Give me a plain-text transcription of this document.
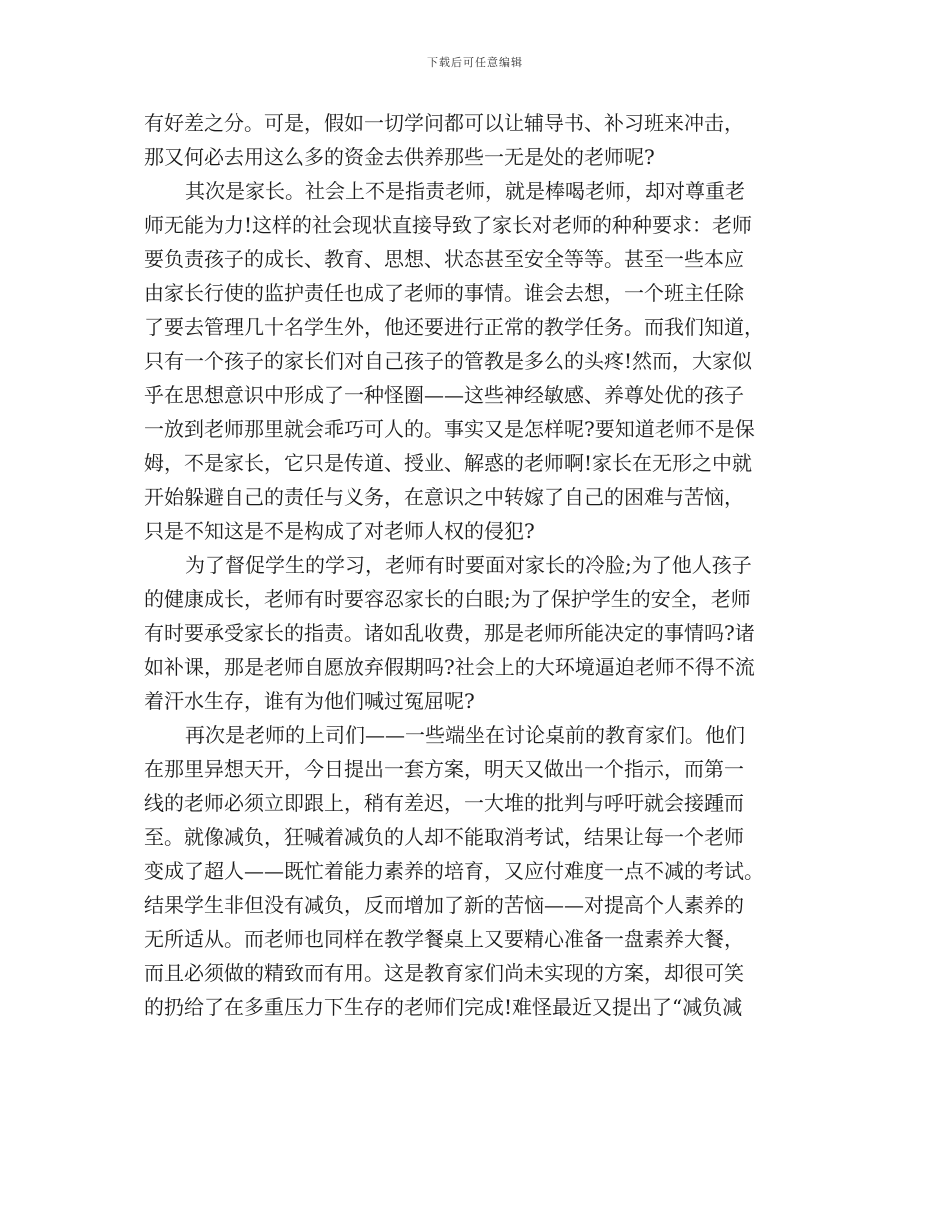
下载后可任意编辑

有好差之分。可是，假如一切学问都可以让辅导书、补习班来冲击，
那又何必去用这么多的资金去供养那些一无是处的老师呢?

其次是家长。社会上不是指责老师，就是棒喝老师，却对尊重老
师无能为力!这样的社会现状直接导致了家长对老师的种种要求：老师
要负责孩子的成长、教育、思想、状态甚至安全等等。甚至一些本应
由家长行使的监护责任也成了老师的事情。谁会去想，一个班主任除
了要去管理几十名学生外，他还要进行正常的教学任务。而我们知道，
只有一个孩子的家长们对自己孩子的管教是多么的头疼!然而，大家似
乎在思想意识中形成了一种怪圈——这些神经敏感、养尊处优的孩子
一放到老师那里就会乖巧可人的。事实又是怎样呢?要知道老师不是保
姆，不是家长，它只是传道、授业、解惑的老师啊!家长在无形之中就
开始躲避自己的责任与义务，在意识之中转嫁了自己的困难与苦恼，
只是不知这是不是构成了对老师人权的侵犯?

为了督促学生的学习，老师有时要面对家长的冷脸;为了他人孩子
的健康成长，老师有时要容忍家长的白眼;为了保护学生的安全，老师
有时要承受家长的指责。诸如乱收费，那是老师所能决定的事情吗?诸
如补课，那是老师自愿放弃假期吗?社会上的大环境逼迫老师不得不流
着汗水生存，谁有为他们喊过冤屈呢?

再次是老师的上司们——一些端坐在讨论桌前的教育家们。他们
在那里异想天开，今日提出一套方案，明天又做出一个指示，而第一
线的老师必须立即跟上，稍有差迟，一大堆的批判与呼吁就会接踵而
至。就像减负，狂喊着减负的人却不能取消考试，结果让每一个老师
变成了超人——既忙着能力素养的培育，又应付难度一点不减的考试。
结果学生非但没有减负，反而增加了新的苦恼——对提高个人素养的
无所适从。而老师也同样在教学餐桌上又要精心准备一盘素养大餐，
而且必须做的精致而有用。这是教育家们尚未实现的方案，却很可笑
的扔给了在多重压力下生存的老师们完成!难怪最近又提出了“减负减
